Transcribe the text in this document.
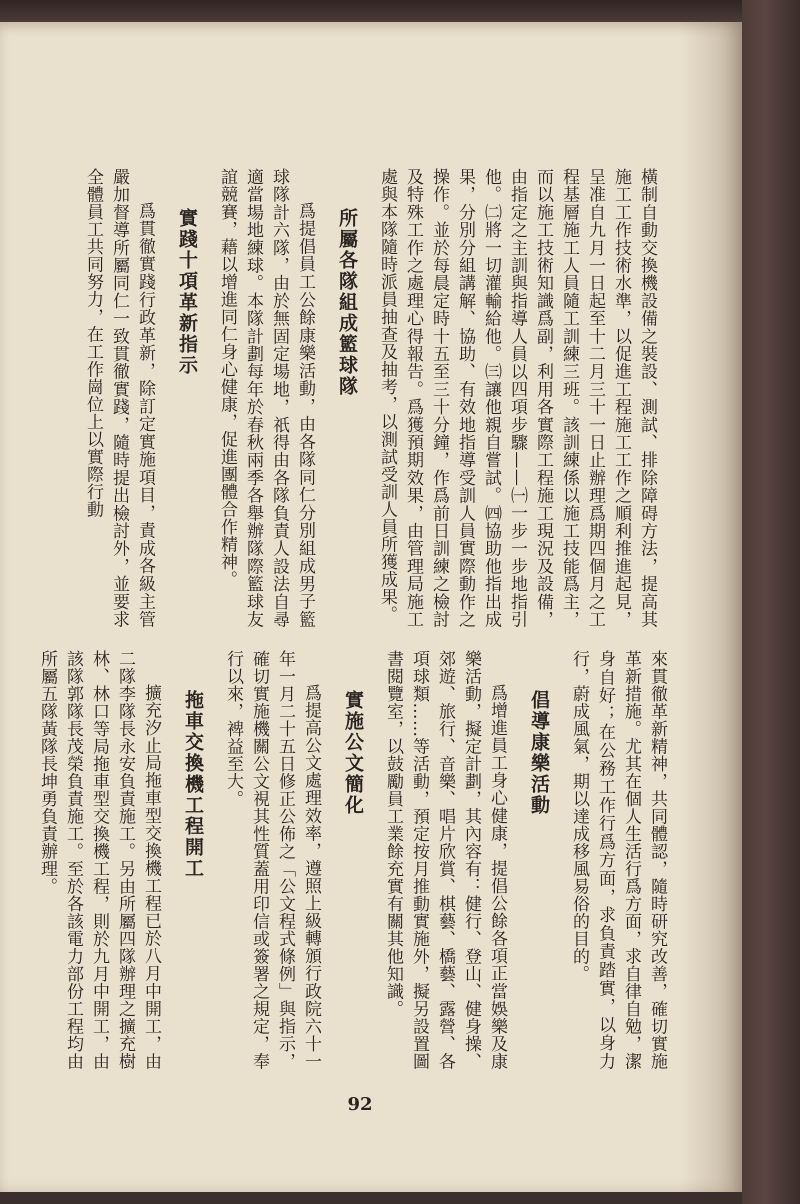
橫制自動交換機設備之裝設、測試、排除障碍方法，提高其施工工作技術水準，以促進工程施工工作之順利推進起見，呈准自九月一日起至十二月三十一日止辦理爲期四個月之工程基層施工人員隨工訓練三班。該訓練係以施工技能爲主，而以施工技術知識爲副，利用各實際工程施工現況及設備，由指定之主訓與指導人員以四項步驟——㈠一步一步地指引他。㈡將一切灌輸給他。㈢讓他親自嘗試。㈣協助他指出成果，分別分組講解、協助、有效地指導受訓人員實際動作之操作。並於每晨定時十五至三十分鐘，作爲前日訓練之檢討及特殊工作之處理心得報告。爲獲預期效果，由管理局施工處與本隊隨時派員抽查及抽考，以測試受訓人員所獲成果。

所屬各隊組成籃球隊

爲提倡員工公餘康樂活動，由各隊同仁分別組成男子籃球隊計六隊，由於無固定場地，祇得由各隊負責人設法自尋適當場地練球。本隊計劃每年於春秋兩季各舉辦隊際籃球友誼競賽，藉以增進同仁身心健康，促進團體合作精神。

實踐十項革新指示

爲貫徹實踐行政革新，除訂定實施項目，責成各級主管嚴加督導所屬同仁一致貫徹實踐，隨時提出檢討外，並要求全體員工共同努力，在工作崗位上以實際行動

來貫徹革新精神，共同體認，隨時研究改善，確切實施革新措施。尤其在個人生活行爲方面，求自律自勉，潔身自好；在公務工作行爲方面，求負責踏實，以身力行，蔚成風氣，期以達成移風易俗的目的。

倡導康樂活動

爲增進員工身心健康，提倡公餘各項正當娛樂及康樂活動，擬定計劃，其內容有：健行、登山、健身操、郊遊、旅行、音樂、唱片欣賞、棋藝、橋藝、露營、各項球類……等活動，預定按月推動實施外，擬另設置圖書閱覽室，以鼓勵員工業餘充實有關其他知識。

實施公文簡化

爲提高公文處理效率，遵照上級轉頒行政院六十一年一月二十五日修正公佈之「公文程式條例」與指示，確切實施機關公文視其性質蓋用印信或簽署之規定，奉行以來，裨益至大。

拖車交換機工程開工

擴充汐止局拖車型交換機工程已於八月中開工，由二隊李隊長永安負責施工。另由所屬四隊辦理之擴充樹林、林口等局拖車型交換機工程，則於九月中開工，由該隊郭隊長茂榮負責施工。至於各該電力部份工程均由所屬五隊黃隊長坤勇負責辦理。

92
